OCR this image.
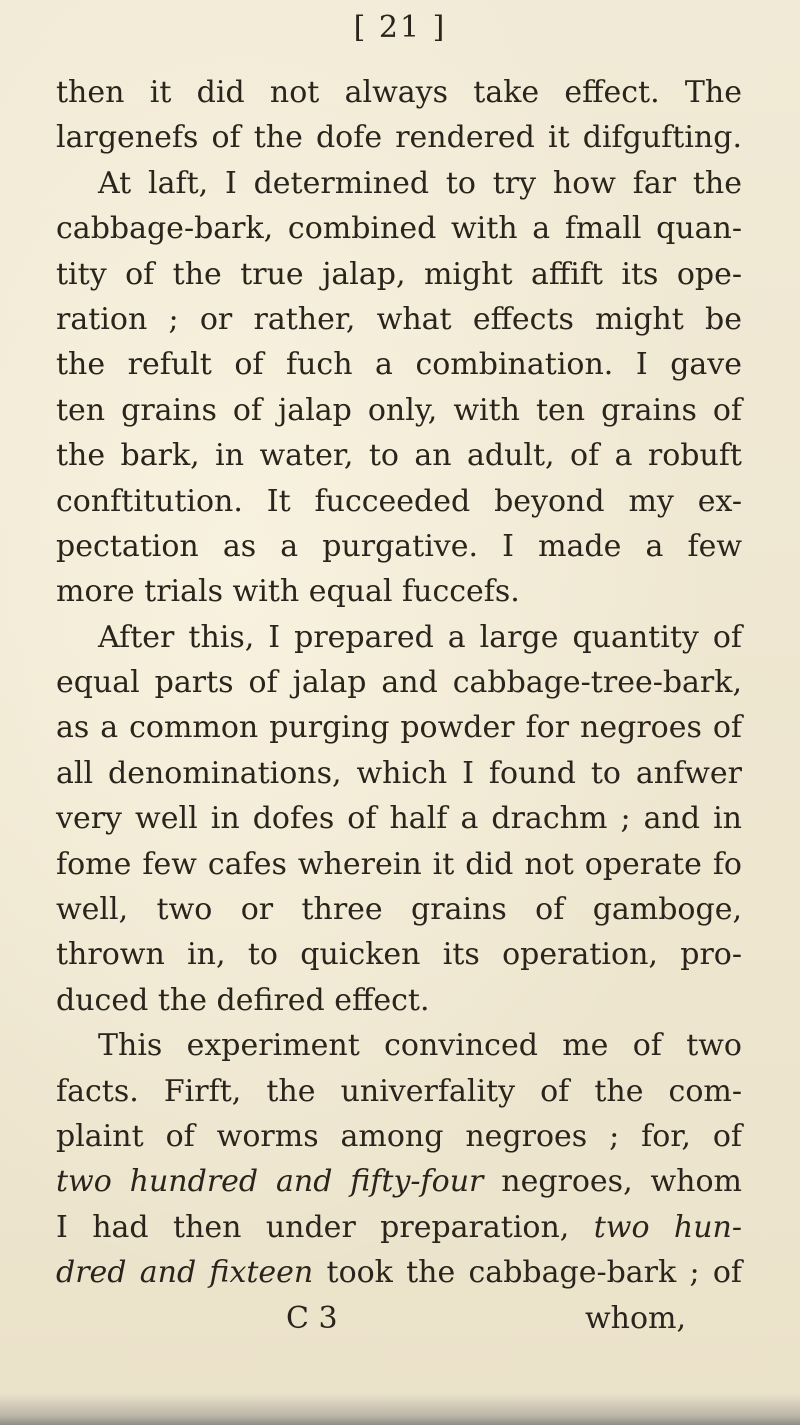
[ 21 ]
then it did not always take effect. The
largenefs of the dofe rendered it difgufting.
At laft, I determined to try how far the
cabbage-bark, combined with a fmall quan-
tity of the true jalap, might affift its ope-
ration ; or rather, what effects might be
the refult of fuch a combination. I gave
ten grains of jalap only, with ten grains of
the bark, in water, to an adult, of a robuft
conftitution. It fucceeded beyond my ex-
pectation as a purgative. I made a few
more trials with equal fuccefs.
After this, I prepared a large quantity of
equal parts of jalap and cabbage-tree-bark,
as a common purging powder for negroes of
all denominations, which I found to anfwer
very well in dofes of half a drachm ; and in
fome few cafes wherein it did not operate fo
well, two or three grains of gamboge,
thrown in, to quicken its operation, pro-
duced the defired effect.
This experiment convinced me of two
facts. Firft, the univerfality of the com-
plaint of worms among negroes ; for, of
two hundred and fifty-four negroes, whom
I had then under preparation, two hun-
dred and fixteen took the cabbage-bark ; of
C 3	whom,
